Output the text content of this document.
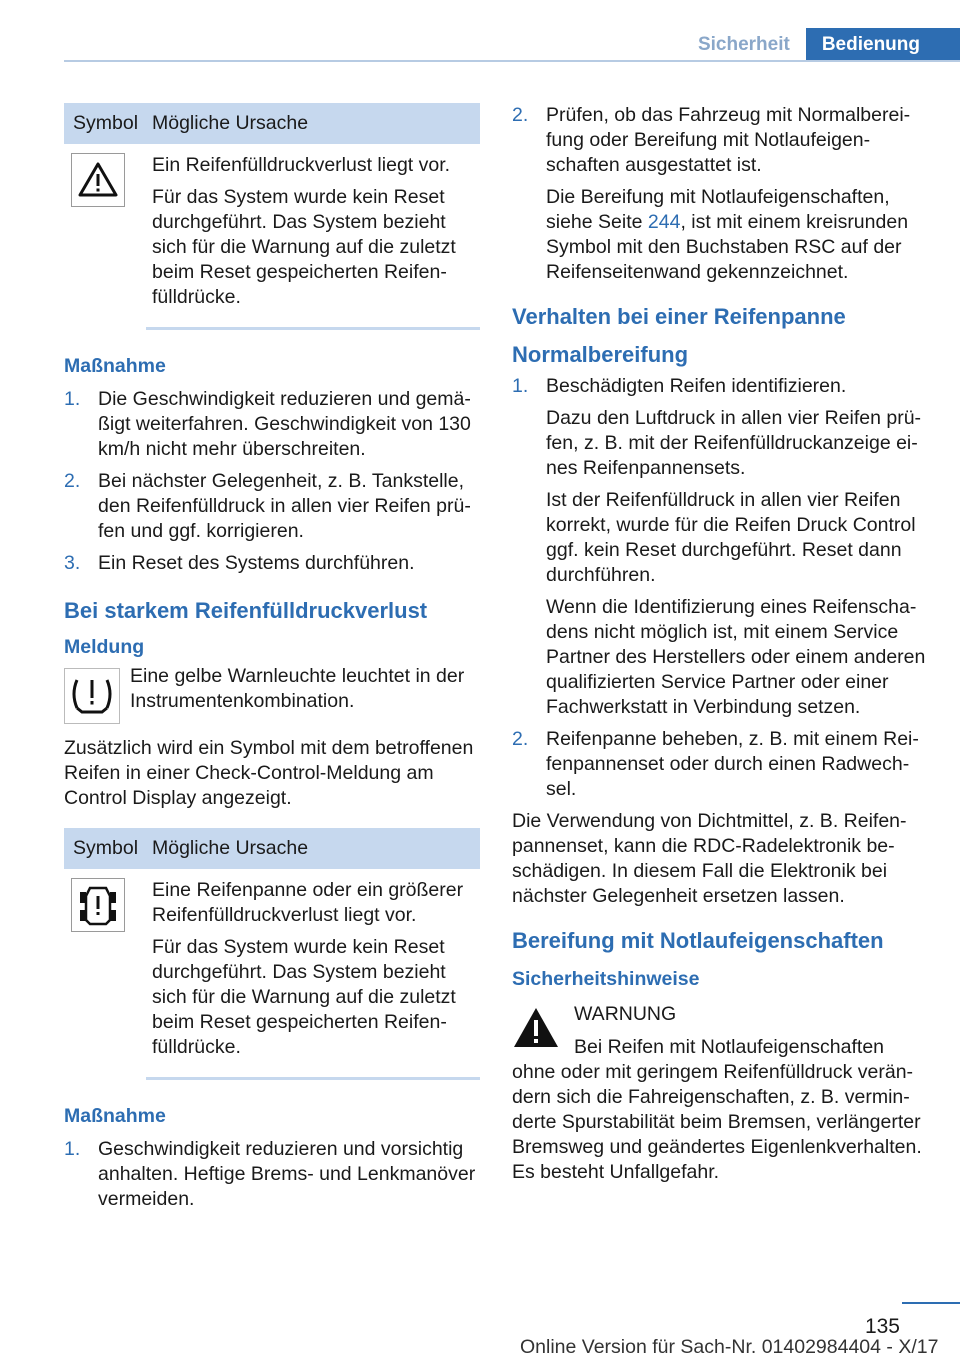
Sicherheit	Bedienung
Symbol Mögliche Ursache

Ein Reifenfülldruckverlust liegt vor.

Für das System wurde kein Reset durchgeführt. Das System bezieht sich für die Warnung auf die zuletzt beim Reset gespeicherten Reifenfülldrücke.

Maßnahme
1. Die Geschwindigkeit reduzieren und gemäßigt weiterfahren. Geschwindigkeit von 130 km/h nicht mehr überschreiten.
2. Bei nächster Gelegenheit, z. B. Tankstelle, den Reifenfülldruck in allen vier Reifen prüfen und ggf. korrigieren.
3. Ein Reset des Systems durchführen.
Bei starkem Reifenfülldruckverlust
Meldung

Eine gelbe Warnleuchte leuchtet in der Instrumentenkombination.

Zusätzlich wird ein Symbol mit dem betroffenen Reifen in einer Check-Control-Meldung am Control Display angezeigt.

Symbol Mögliche Ursache

Eine Reifenpanne oder ein größerer Reifenfülldruckverlust liegt vor.

Für das System wurde kein Reset durchgeführt. Das System bezieht sich für die Warnung auf die zuletzt beim Reset gespeicherten Reifenfülldrücke.

Maßnahme
1. Geschwindigkeit reduzieren und vorsichtig anhalten. Heftige Brems- und Lenkmanöver vermeiden.
2. Prüfen, ob das Fahrzeug mit Normalbereifung oder Bereifung mit Notlaufeigenschaften ausgestattet ist.

Die Bereifung mit Notlaufeigenschaften, siehe Seite 244, ist mit einem kreisrunden Symbol mit den Buchstaben RSC auf der Reifenseitenwand gekennzeichnet.

Verhalten bei einer Reifenpanne
Normalbereifung
1. Beschädigten Reifen identifizieren.

Dazu den Luftdruck in allen vier Reifen prüfen, z. B. mit der Reifenfülldruckanzeige eines Reifenpannensets.

Ist der Reifenfülldruck in allen vier Reifen korrekt, wurde für die Reifen Druck Control ggf. kein Reset durchgeführt. Reset dann durchführen.

Wenn die Identifizierung eines Reifenschadens nicht möglich ist, mit einem Service Partner des Herstellers oder einem anderen qualifizierten Service Partner oder einer Fachwerkstatt in Verbindung setzen.

2. Reifenpanne beheben, z. B. mit einem Reifenpannenset oder durch einen Radwechsel.

Die Verwendung von Dichtmittel, z. B. Reifenpannenset, kann die RDC-Radelektronik beschädigen. In diesem Fall die Elektronik bei nächster Gelegenheit ersetzen lassen.

Bereifung mit Notlaufeigenschaften
Sicherheitshinweise

WARNUNG

Bei Reifen mit Notlaufeigenschaften ohne oder mit geringem Reifenfülldruck verändern sich die Fahreigenschaften, z. B. verminderte Spurstabilität beim Bremsen, verlängerter Bremsweg und geändertes Eigenlenkverhalten. Es besteht Unfallgefahr.

135
Online Version für Sach-Nr. 01402984404 - X/17
